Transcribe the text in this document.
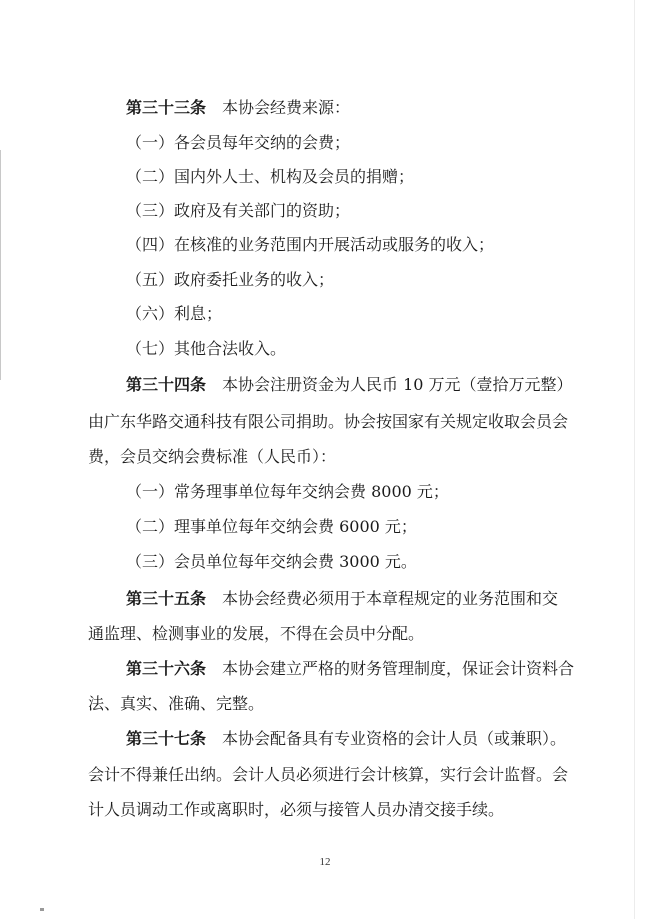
第三十三条 本协会经费来源：
（一）各会员每年交纳的会费；
（二）国内外人士、机构及会员的捐赠；
（三）政府及有关部门的资助；
（四）在核准的业务范围内开展活动或服务的收入；
（五）政府委托业务的收入；
（六）利息；
（七）其他合法收入。
第三十四条 本协会注册资金为人民币 10 万元（壹拾万元整）
由广东华路交通科技有限公司捐助。协会按国家有关规定收取会员会
费，会员交纳会费标准（人民币）：
（一）常务理事单位每年交纳会费 8000 元；
（二）理事单位每年交纳会费 6000 元；
（三）会员单位每年交纳会费 3000 元。
第三十五条 本协会经费必须用于本章程规定的业务范围和交
通监理、检测事业的发展，不得在会员中分配。
第三十六条 本协会建立严格的财务管理制度，保证会计资料合
法、真实、准确、完整。
第三十七条 本协会配备具有专业资格的会计人员（或兼职）。
会计不得兼任出纳。会计人员必须进行会计核算，实行会计监督。会
计人员调动工作或离职时，必须与接管人员办清交接手续。
12
